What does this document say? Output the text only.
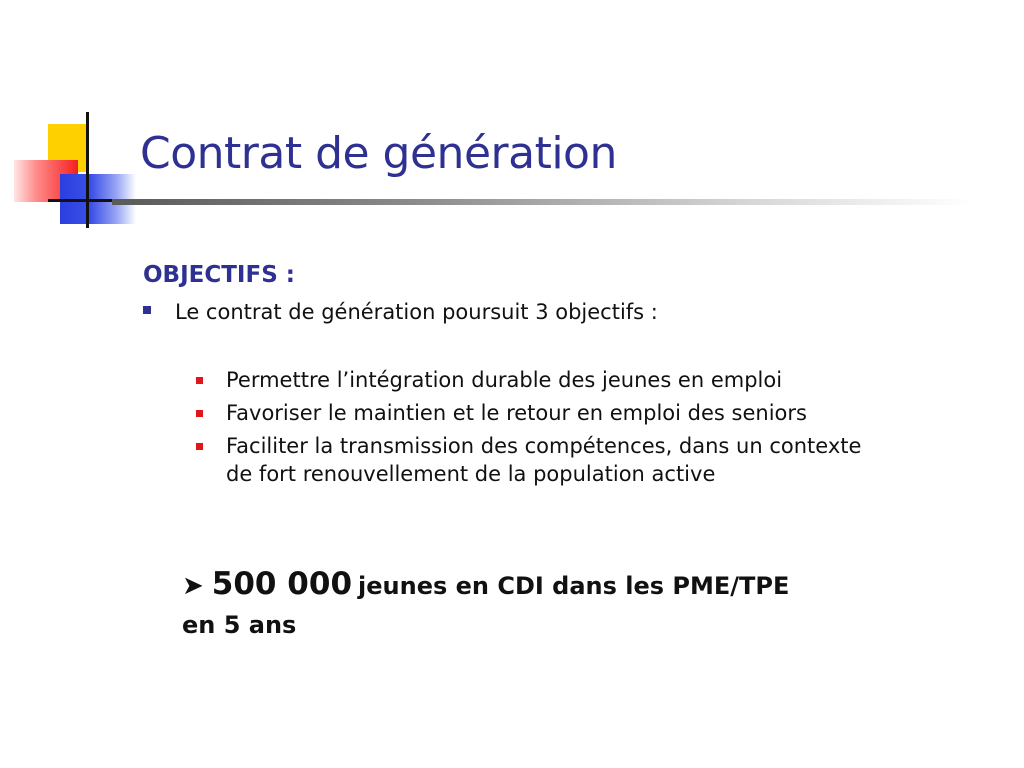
Contrat de génération
OBJECTIFS :
Le contrat de génération poursuit 3 objectifs :
Permettre l’intégration durable des jeunes en emploi
Favoriser le maintien et le retour en emploi des seniors
Faciliter la transmission des compétences, dans un contexte
de fort renouvellement de la population active
➤ 500 000 jeunes en CDI dans les PME/TPE
en 5 ans
